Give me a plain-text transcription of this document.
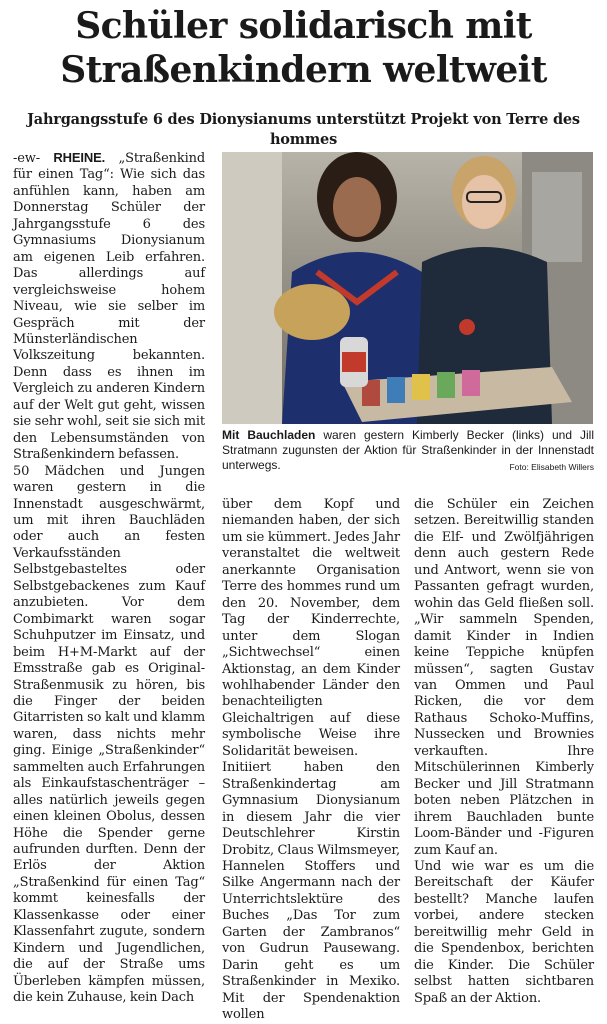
Schüler solidarisch mit
Straßenkindern weltweit
Jahrgangsstufe 6 des Dionysianums unterstützt Projekt von Terre des hommes
-ew- RHEINE. „Straßenkind für einen Tag“: Wie sich das anfühlen kann, haben am Donnerstag Schüler der Jahrgangsstufe 6 des Gymnasiums Dionysianum am eigenen Leib erfahren. Das allerdings auf vergleichsweise hohem Niveau, wie sie selber im Gespräch mit der Münsterländischen Volkszeitung bekannten. Denn dass es ihnen im Vergleich zu anderen Kindern auf der Welt gut geht, wissen sie sehr wohl, seit sie sich mit den Lebensumständen von Straßenkindern befassen.
50 Mädchen und Jungen waren gestern in die Innenstadt ausgeschwärmt, um mit ihren Bauchläden oder auch an festen Verkaufsständen Selbstgebasteltes oder Selbstgebackenes zum Kauf anzubieten. Vor dem Combimarkt waren sogar Schuhputzer im Einsatz, und beim H+M-Markt auf der Emsstraße gab es Original-Straßenmusik zu hören, bis die Finger der beiden Gitarristen so kalt und klamm waren, dass nichts mehr ging. Einige „Straßenkinder“ sammelten auch Erfahrungen als Einkaufstaschenträger – alles natürlich jeweils gegen einen kleinen Obolus, dessen Höhe die Spender gerne aufrunden durften. Denn der Erlös der Aktion „Straßenkind für einen Tag“ kommt keinesfalls der Klassenkasse oder einer Klassenfahrt zugute, sondern Kindern und Jugendlichen, die auf der Straße ums Überleben kämpfen müssen, die kein Zuhause, kein Dach
Mit Bauchladen waren gestern Kimberly Becker (links) und Jill Stratmann zugunsten der Aktion für Straßenkinder in der Innenstadt unterwegs.	Foto: Elisabeth Willers
über dem Kopf und niemanden haben, der sich um sie kümmert. Jedes Jahr veranstaltet die weltweit anerkannte Organisation Terre des hommes rund um den 20. November, dem Tag der Kinderrechte, unter dem Slogan „Sichtwechsel“ einen Aktionstag, an dem Kinder wohlhabender Länder den benachteiligten Gleichaltrigen auf diese symbolische Weise ihre Solidarität beweisen.
Initiiert haben den Straßenkindertag am Gymnasium Dionysianum in diesem Jahr die vier Deutschlehrer Kirstin Drobitz, Claus Wilmsmeyer, Hannelen Stoffers und Silke Angermann nach der Unterrichtslektüre des Buches „Das Tor zum Garten der Zambranos“ von Gudrun Pausewang. Darin geht es um Straßenkinder in Mexiko. Mit der Spendenaktion wollen
die Schüler ein Zeichen setzen. Bereitwillig standen die Elf- und Zwölfjährigen denn auch gestern Rede und Antwort, wenn sie von Passanten gefragt wurden, wohin das Geld fließen soll. „Wir sammeln Spenden, damit Kinder in Indien keine Teppiche knüpfen müssen“, sagten Gustav van Ommen und Paul Ricken, die vor dem Rathaus Schoko-Muffins, Nussecken und Brownies verkauften. Ihre Mitschülerinnen Kimberly Becker und Jill Stratmann boten neben Plätzchen in ihrem Bauchladen bunte Loom-Bänder und -Figuren zum Kauf an.
Und wie war es um die Bereitschaft der Käufer bestellt? Manche laufen vorbei, andere stecken bereitwillig mehr Geld in die Spendenbox, berichten die Kinder. Die Schüler selbst hatten sichtbaren Spaß an der Aktion.
